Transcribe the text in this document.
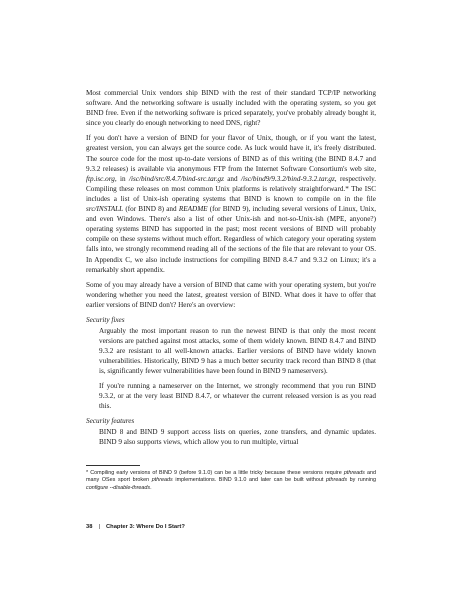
Most commercial Unix vendors ship BIND with the rest of their standard TCP/IP networking software. And the networking software is usually included with the operating system, so you get BIND free. Even if the networking software is priced separately, you've probably already bought it, since you clearly do enough networking to need DNS, right?

If you don't have a version of BIND for your flavor of Unix, though, or if you want the latest, greatest version, you can always get the source code. As luck would have it, it's freely distributed. The source code for the most up-to-date versions of BIND as of this writing (the BIND 8.4.7 and 9.3.2 releases) is available via anonymous FTP from the Internet Software Consortium's web site, ftp.isc.org, in /isc/bind/src/8.4.7/bind-src.tar.gz and /isc/bind9/9.3.2/bind-9.3.2.tar.gz, respectively. Compiling these releases on most common Unix platforms is relatively straightforward.* The ISC includes a list of Unix-ish operating systems that BIND is known to compile on in the file src/INSTALL (for BIND 8) and README (for BIND 9), including several versions of Linux, Unix, and even Windows. There's also a list of other Unix-ish and not-so-Unix-ish (MPE, anyone?) operating systems BIND has supported in the past; most recent versions of BIND will probably compile on these systems without much effort. Regardless of which category your operating system falls into, we strongly recommend reading all of the sections of the file that are relevant to your OS. In Appendix C, we also include instructions for compiling BIND 8.4.7 and 9.3.2 on Linux; it's a remarkably short appendix.

Some of you may already have a version of BIND that came with your operating system, but you're wondering whether you need the latest, greatest version of BIND. What does it have to offer that earlier versions of BIND don't? Here's an overview:

Security fixes

Arguably the most important reason to run the newest BIND is that only the most recent versions are patched against most attacks, some of them widely known. BIND 8.4.7 and BIND 9.3.2 are resistant to all well-known attacks. Earlier versions of BIND have widely known vulnerabilities. Historically, BIND 9 has a much better security track record than BIND 8 (that is, significantly fewer vulnerabilities have been found in BIND 9 nameservers).

If you're running a nameserver on the Internet, we strongly recommend that you run BIND 9.3.2, or at the very least BIND 8.4.7, or whatever the current released version is as you read this.

Security features

BIND 8 and BIND 9 support access lists on queries, zone transfers, and dynamic updates. BIND 9 also supports views, which allow you to run multiple, virtual

* Compiling early versions of BIND 9 (before 9.1.0) can be a little tricky because these versions require pthreads and many OSes sport broken pthreads implementations. BIND 9.1.0 and later can be built without pthreads by running configure --disable-threads.
38 | Chapter 3: Where Do I Start?
